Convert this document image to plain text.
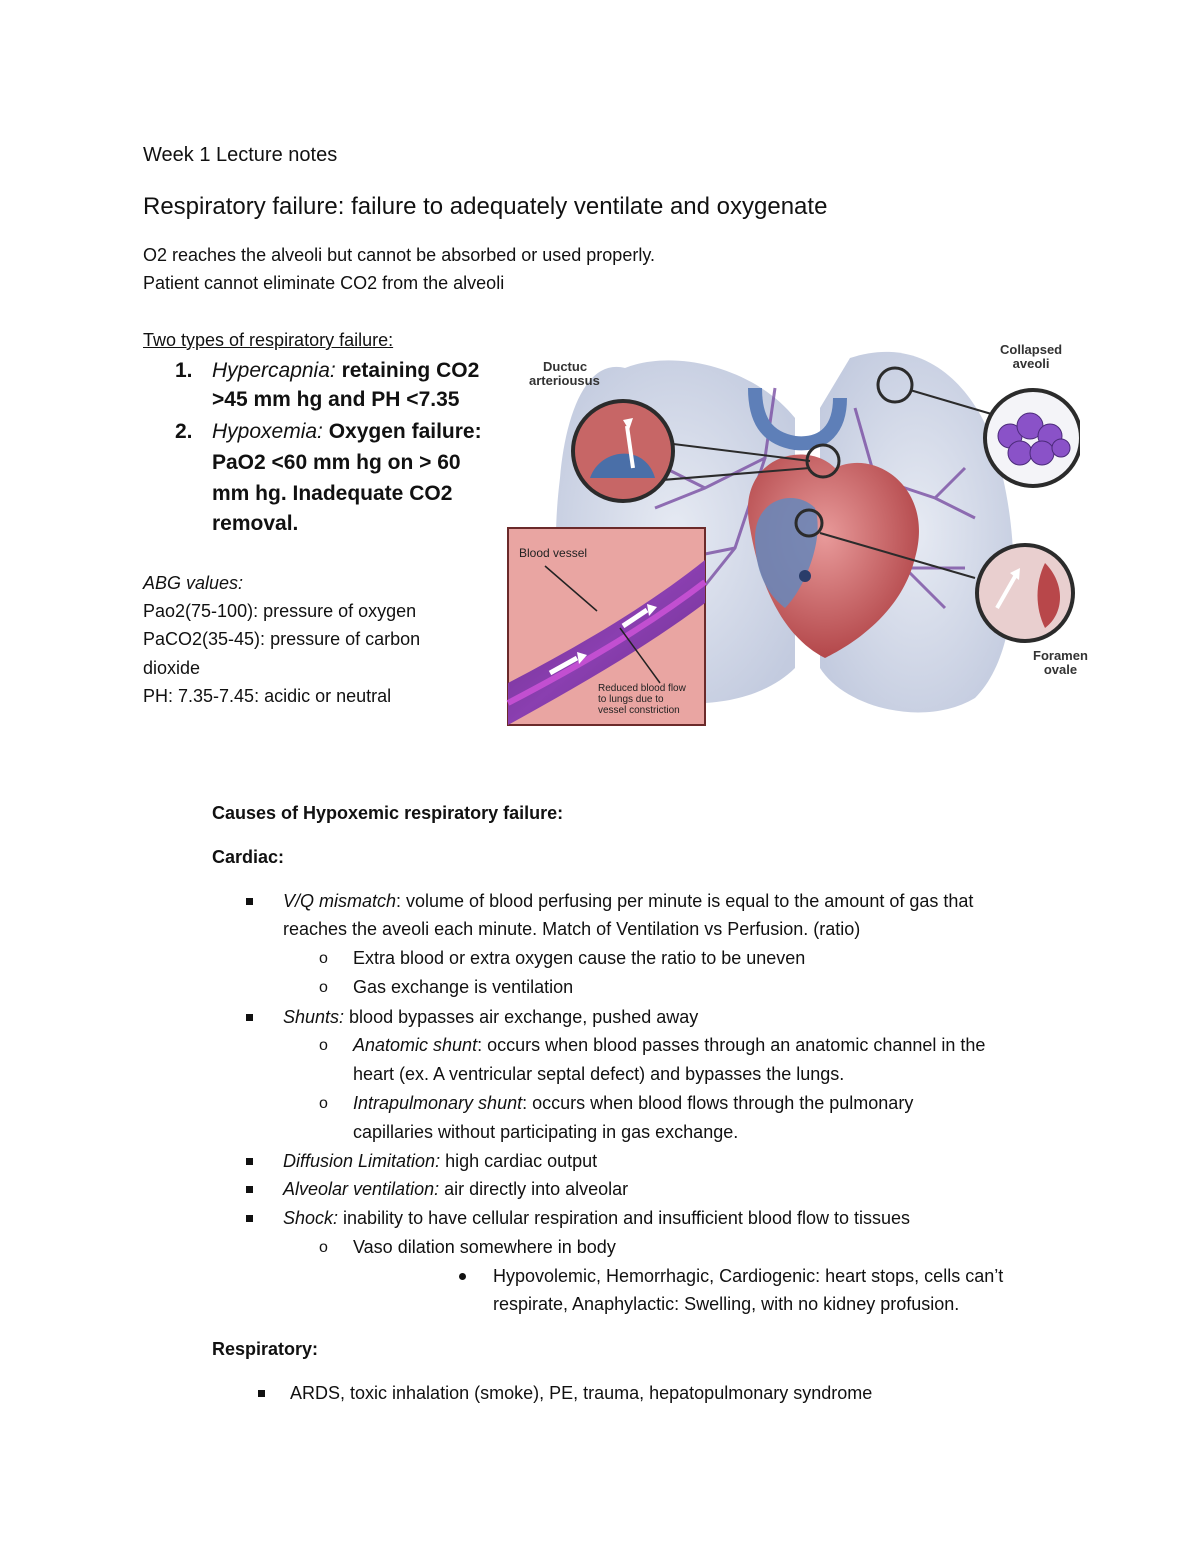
Week 1 Lecture notes
Respiratory failure: failure to adequately ventilate and oxygenate
O2 reaches the alveoli but cannot be absorbed or used properly.
Patient cannot eliminate CO2 from the alveoli
Two types of respiratory failure:
1. Hypercapnia: retaining CO2
>45 mm hg and PH <7.35
2. Hypoxemia: Oxygen failure:
PaO2 <60 mm hg on > 60
mm hg. Inadequate CO2
removal.
ABG values:
Pao2(75-100): pressure of oxygen
PaCO2(35-45): pressure of carbon
dioxide
PH: 7.35-7.45: acidic or neutral
Ductuc
arteriousus
Collapsed
aveoli
Foramen
ovale
Blood vessel
Reduced blood flow
to lungs due to
vessel constriction
Causes of Hypoxemic respiratory failure:
Cardiac:
V/Q mismatch: volume of blood perfusing per minute is equal to the amount of gas that
reaches the aveoli each minute. Match of Ventilation vs Perfusion. (ratio)
o Extra blood or extra oxygen cause the ratio to be uneven
o Gas exchange is ventilation
Shunts: blood bypasses air exchange, pushed away
o Anatomic shunt: occurs when blood passes through an anatomic channel in the
heart (ex. A ventricular septal defect) and bypasses the lungs.
o Intrapulmonary shunt: occurs when blood flows through the pulmonary
capillaries without participating in gas exchange.
Diffusion Limitation: high cardiac output
Alveolar ventilation: air directly into alveolar
Shock: inability to have cellular respiration and insufficient blood flow to tissues
o Vaso dilation somewhere in body
Hypovolemic, Hemorrhagic, Cardiogenic: heart stops, cells can’t
respirate, Anaphylactic: Swelling, with no kidney profusion.
Respiratory:
ARDS, toxic inhalation (smoke), PE, trauma, hepatopulmonary syndrome
